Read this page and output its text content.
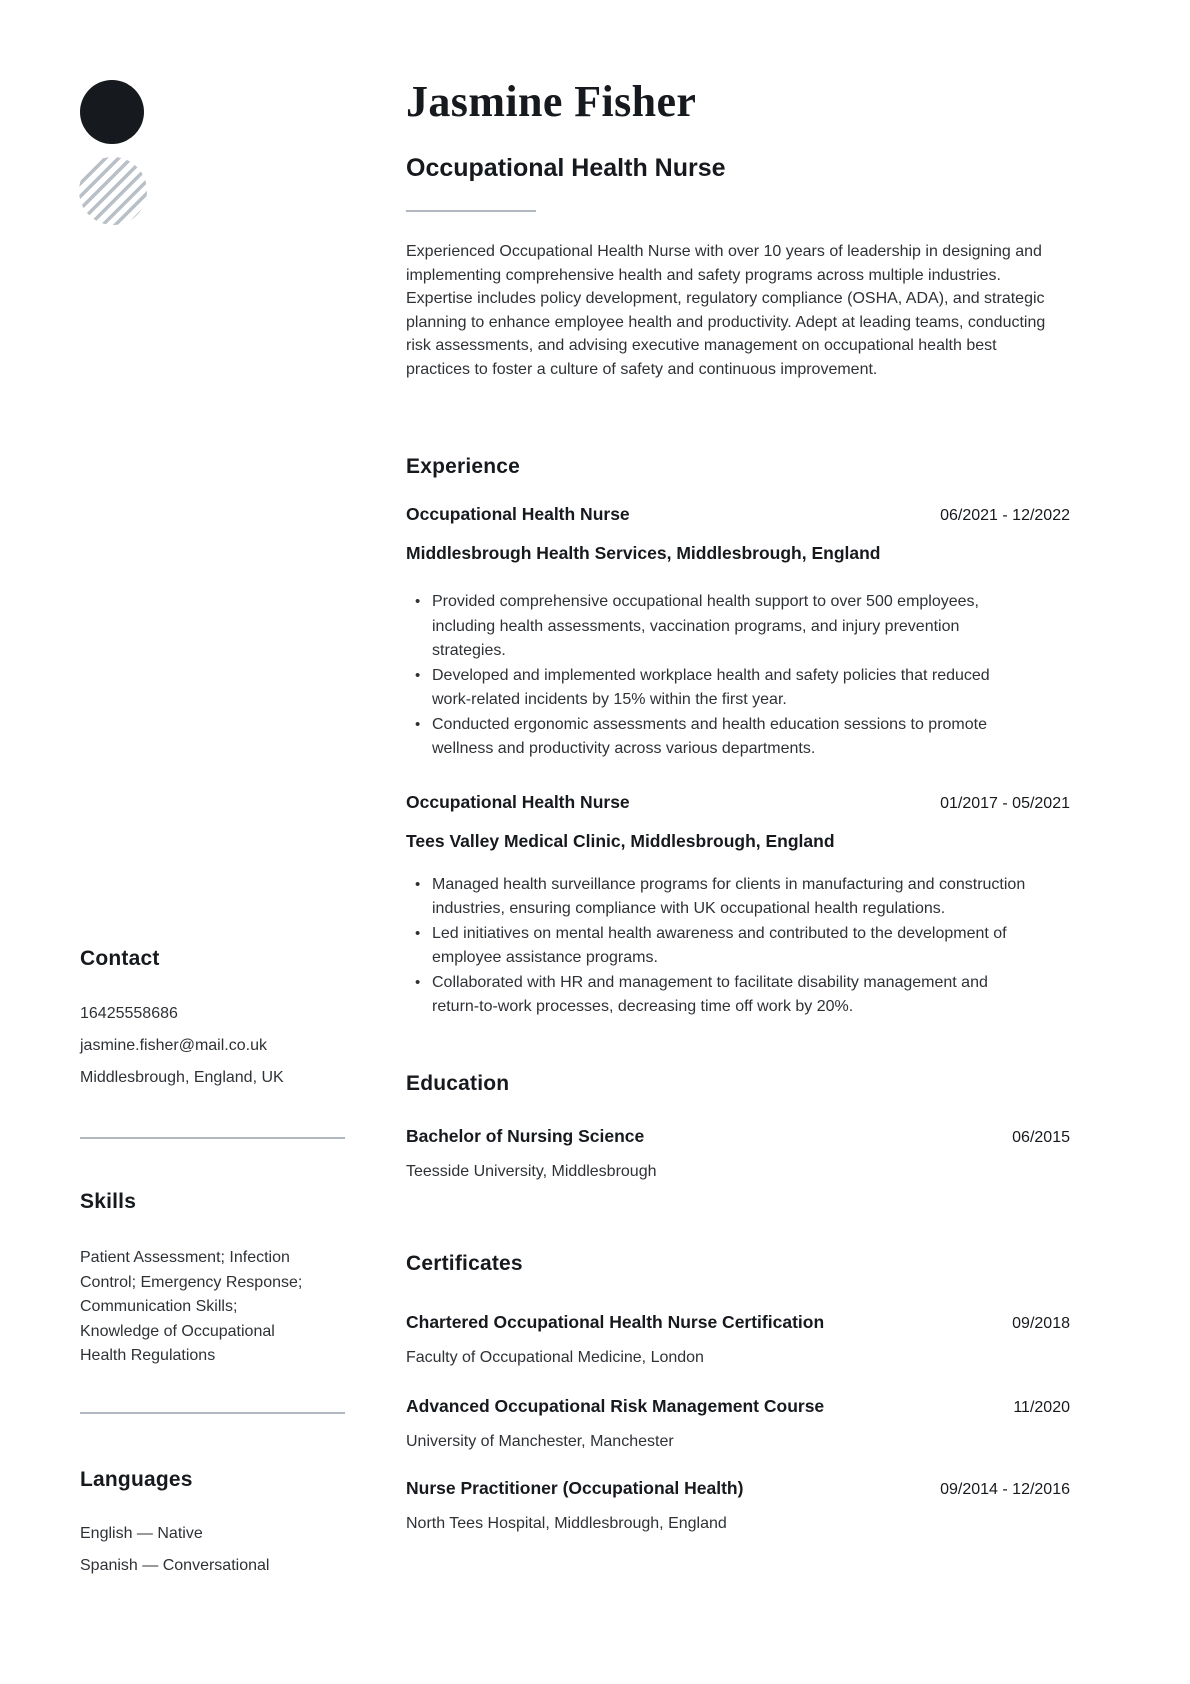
Contact
16425558686
jasmine.fisher@mail.co.uk
Middlesbrough, England, UK
Skills
Patient Assessment; Infection Control; Emergency Response; Communication Skills; Knowledge of Occupational Health Regulations
Languages
English — Native
Spanish — Conversational
Jasmine Fisher
Occupational Health Nurse
Experienced Occupational Health Nurse with over 10 years of leadership in designing and implementing comprehensive health and safety programs across multiple industries. Expertise includes policy development, regulatory compliance (OSHA, ADA), and strategic planning to enhance employee health and productivity. Adept at leading teams, conducting risk assessments, and advising executive management on occupational health best practices to foster a culture of safety and continuous improvement.
Experience
Occupational Health Nurse	06/2021 - 12/2022
Middlesbrough Health Services, Middlesbrough, England
• Provided comprehensive occupational health support to over 500 employees, including health assessments, vaccination programs, and injury prevention strategies.
• Developed and implemented workplace health and safety policies that reduced work-related incidents by 15% within the first year.
• Conducted ergonomic assessments and health education sessions to promote wellness and productivity across various departments.
Occupational Health Nurse	01/2017 - 05/2021
Tees Valley Medical Clinic, Middlesbrough, England
• Managed health surveillance programs for clients in manufacturing and construction industries, ensuring compliance with UK occupational health regulations.
• Led initiatives on mental health awareness and contributed to the development of employee assistance programs.
• Collaborated with HR and management to facilitate disability management and return-to-work processes, decreasing time off work by 20%.
Education
Bachelor of Nursing Science	06/2015
Teesside University, Middlesbrough
Certificates
Chartered Occupational Health Nurse Certification	09/2018
Faculty of Occupational Medicine, London
Advanced Occupational Risk Management Course	11/2020
University of Manchester, Manchester
Nurse Practitioner (Occupational Health)	09/2014 - 12/2016
North Tees Hospital, Middlesbrough, England
